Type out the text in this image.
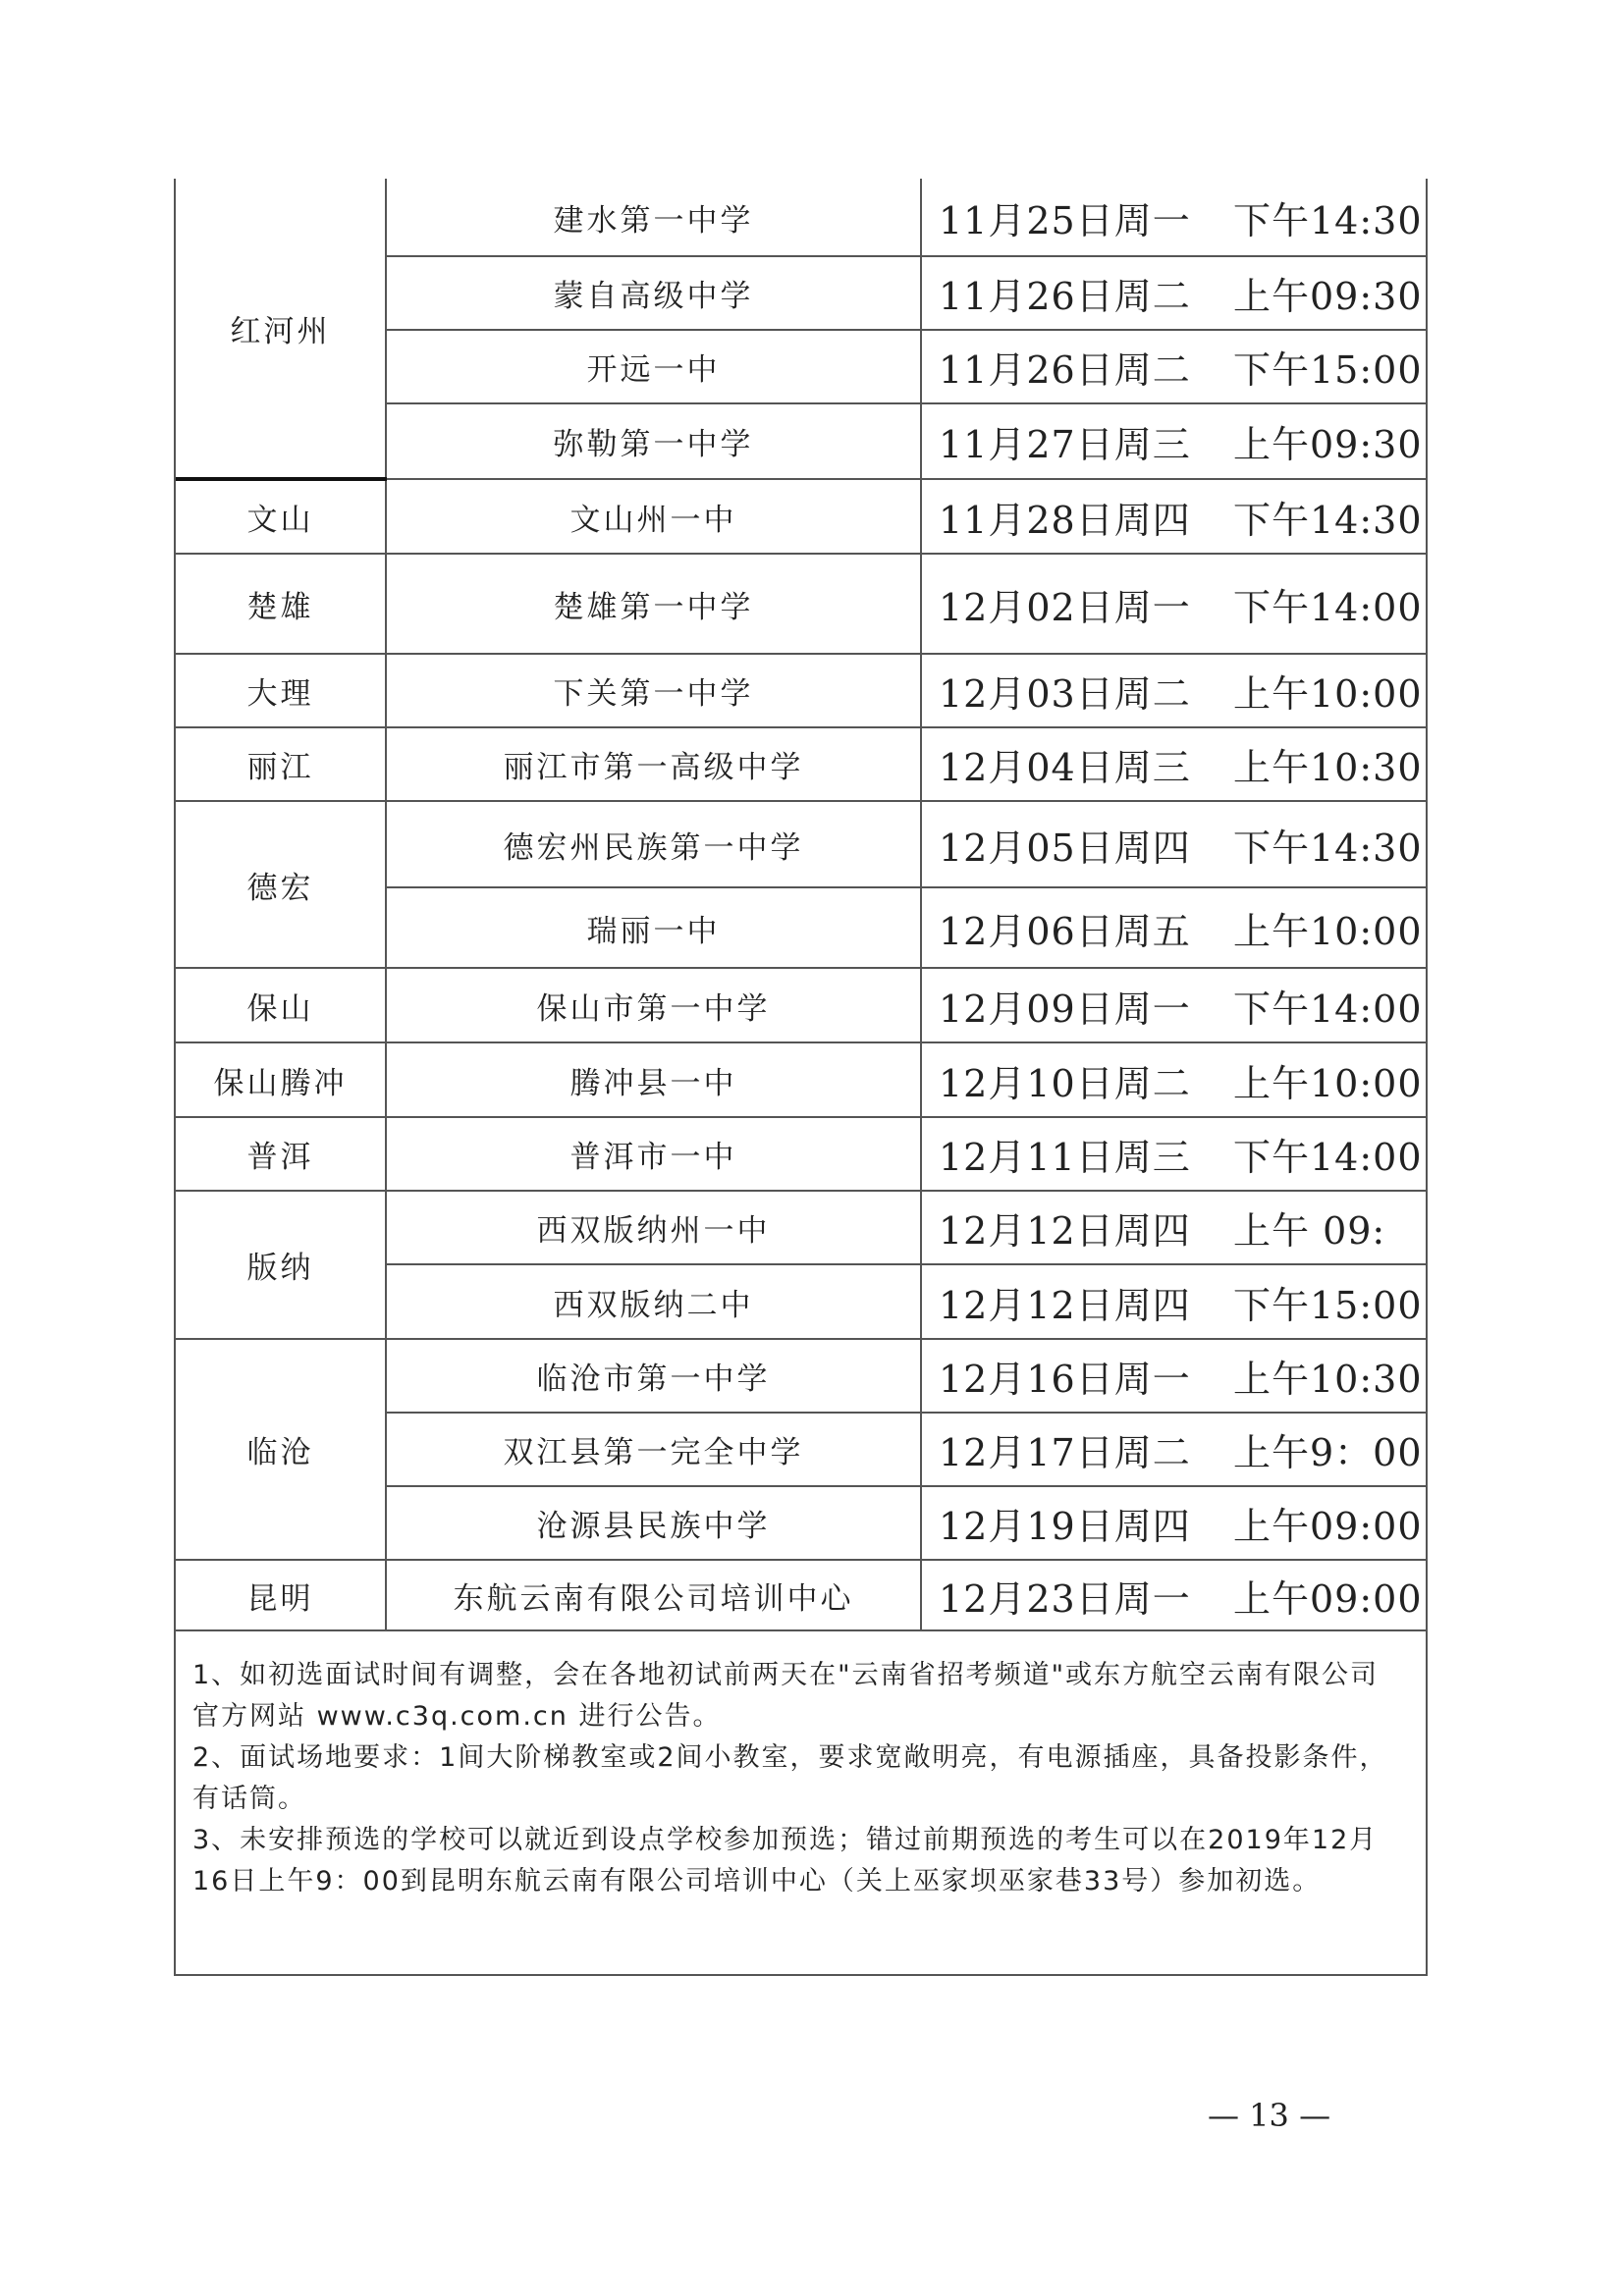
红河州	建水第一中学	11月25日周一 下午14:30
	蒙自高级中学	11月26日周二 上午09:30
	开远一中	11月26日周二 下午15:00
	弥勒第一中学	11月27日周三 上午09:30
文山	文山州一中	11月28日周四 下午14:30
楚雄	楚雄第一中学	12月02日周一 下午14:00
大理	下关第一中学	12月03日周二 上午10:00
丽江	丽江市第一高级中学	12月04日周三 上午10:30
德宏	德宏州民族第一中学	12月05日周四 下午14:30
	瑞丽一中	12月06日周五 上午10:00
保山	保山市第一中学	12月09日周一 下午14:00
保山腾冲	腾冲县一中	12月10日周二 上午10:00
普洱	普洱市一中	12月11日周三 下午14:00
版纳	西双版纳州一中	12月12日周四 上午 09:
	西双版纳二中	12月12日周四 下午15:00
临沧	临沧市第一中学	12月16日周一 上午10:30
	双江县第一完全中学	12月17日周二 上午9：00
	沧源县民族中学	12月19日周四 上午09:00
昆明	东航云南有限公司培训中心	12月23日周一 上午09:00
1、如初选面试时间有调整，会在各地初试前两天在"云南省招考频道"或东方航空云南有限公司官方网站 www.c3q.com.cn 进行公告。
2、面试场地要求：1间大阶梯教室或2间小教室，要求宽敞明亮，有电源插座，具备投影条件，有话筒。
3、未安排预选的学校可以就近到设点学校参加预选；错过前期预选的考生可以在2019年12月16日上午9：00到昆明东航云南有限公司培训中心（关上巫家坝巫家巷33号）参加初选。
— 13 —
